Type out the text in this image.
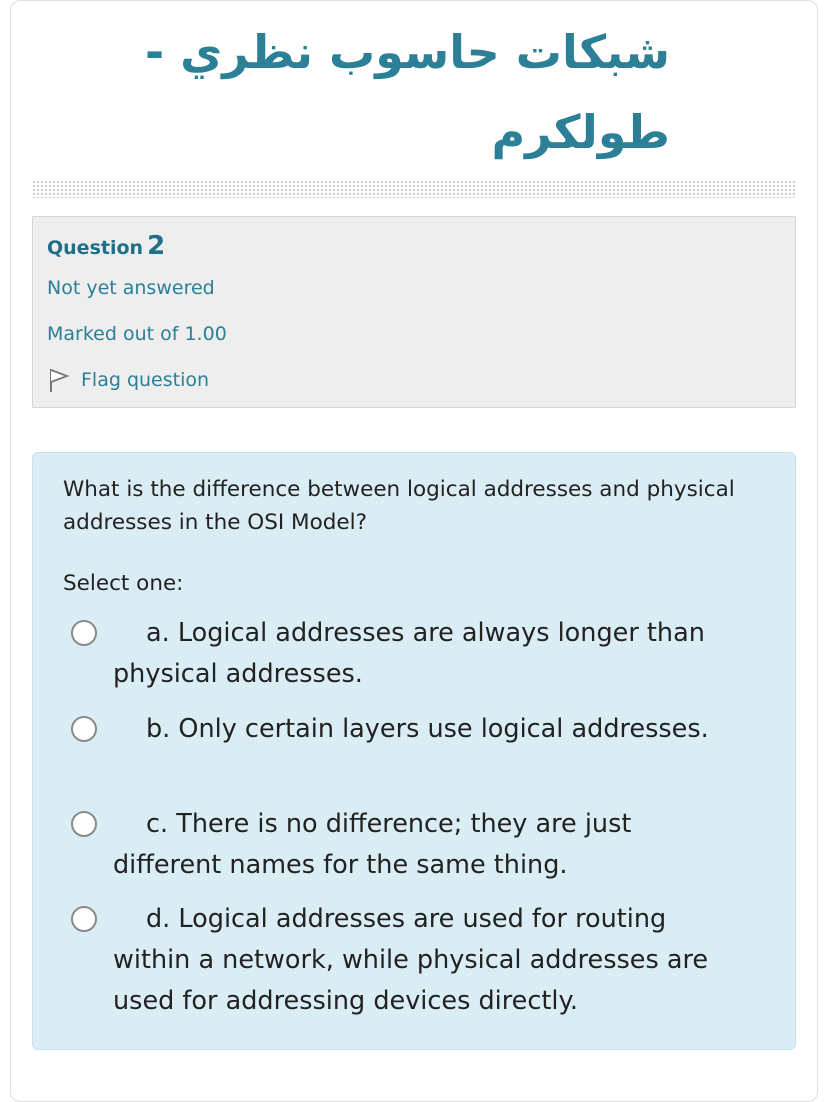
شبكات حاسوب نظري - طولكرم
Question 2
Not yet answered
Marked out of 1.00
Flag question
What is the difference between logical addresses and physical addresses in the OSI Model?
Select one:
a. Logical addresses are always longer than physical addresses.
b. Only certain layers use logical addresses.
c. There is no difference; they are just different names for the same thing.
d. Logical addresses are used for routing within a network, while physical addresses are used for addressing devices directly.
